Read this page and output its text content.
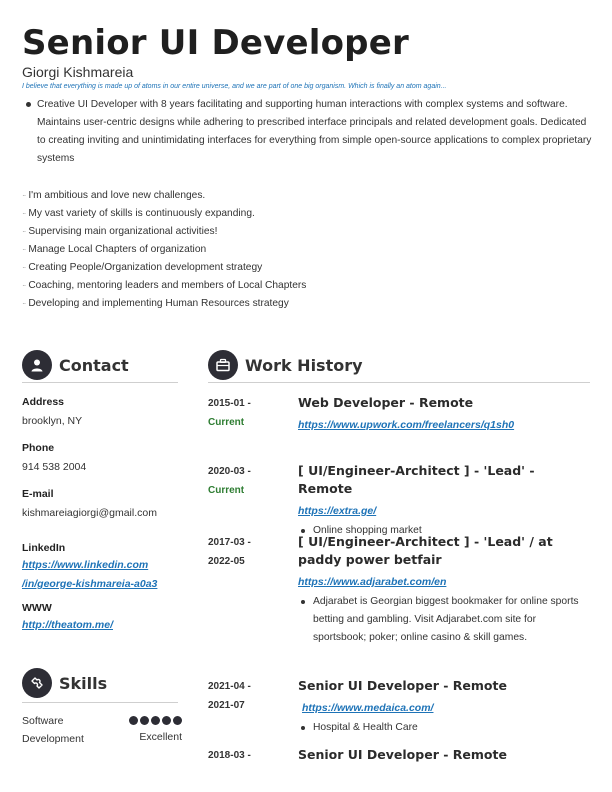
Senior UI Developer
Giorgi Kishmareia
I believe that everything is made up of atoms in our entire universe, and we are part of one big organism. Which is finally an atom again...

Creative UI Developer with 8 years facilitating and supporting human interactions with complex systems and software. Maintains user-centric designs while adhering to prescribed interface principals and related development goals. Dedicated to creating inviting and unintimidating interfaces for everything from simple open-source applications to complex proprietary systems

·· I'm ambitious and love new challenges.
·· My vast variety of skills is continuously expanding.
·· Supervising main organizational activities!
·· Manage Local Chapters of organization
·· Creating People/Organization development strategy
·· Coaching, mentoring leaders and members of Local Chapters
·· Developing and implementing Human Resources strategy
Contact	Work History
Address
brooklyn, NY
Phone
914 538 2004
E-mail
kishmareiagiorgi@gmail.com
LinkedIn
https://www.linkedin.com
/in/george-kishmareia-a0a3
WWW
http://theatom.me/
Skills
Software Development	Excellent
2015-01 -
Current
Web Developer - Remote
https://www.upwork.com/freelancers/q1sh0
2020-03 -
Current
[ UI/Engineer-Architect ] - 'Lead' - Remote
https://extra.ge/
Online shopping market
2017-03 -
2022-05
[ UI/Engineer-Architect ] - 'Lead' / at paddy power betfair
https://www.adjarabet.com/en
Adjarabet is Georgian biggest bookmaker for online sports betting and gambling. Visit Adjarabet.com site for sportsbook; poker; online casino & skill games.
2021-04 -
2021-07
Senior UI Developer - Remote
https://www.medaica.com/
Hospital & Health Care
2018-03 -	Senior UI Developer - Remote
